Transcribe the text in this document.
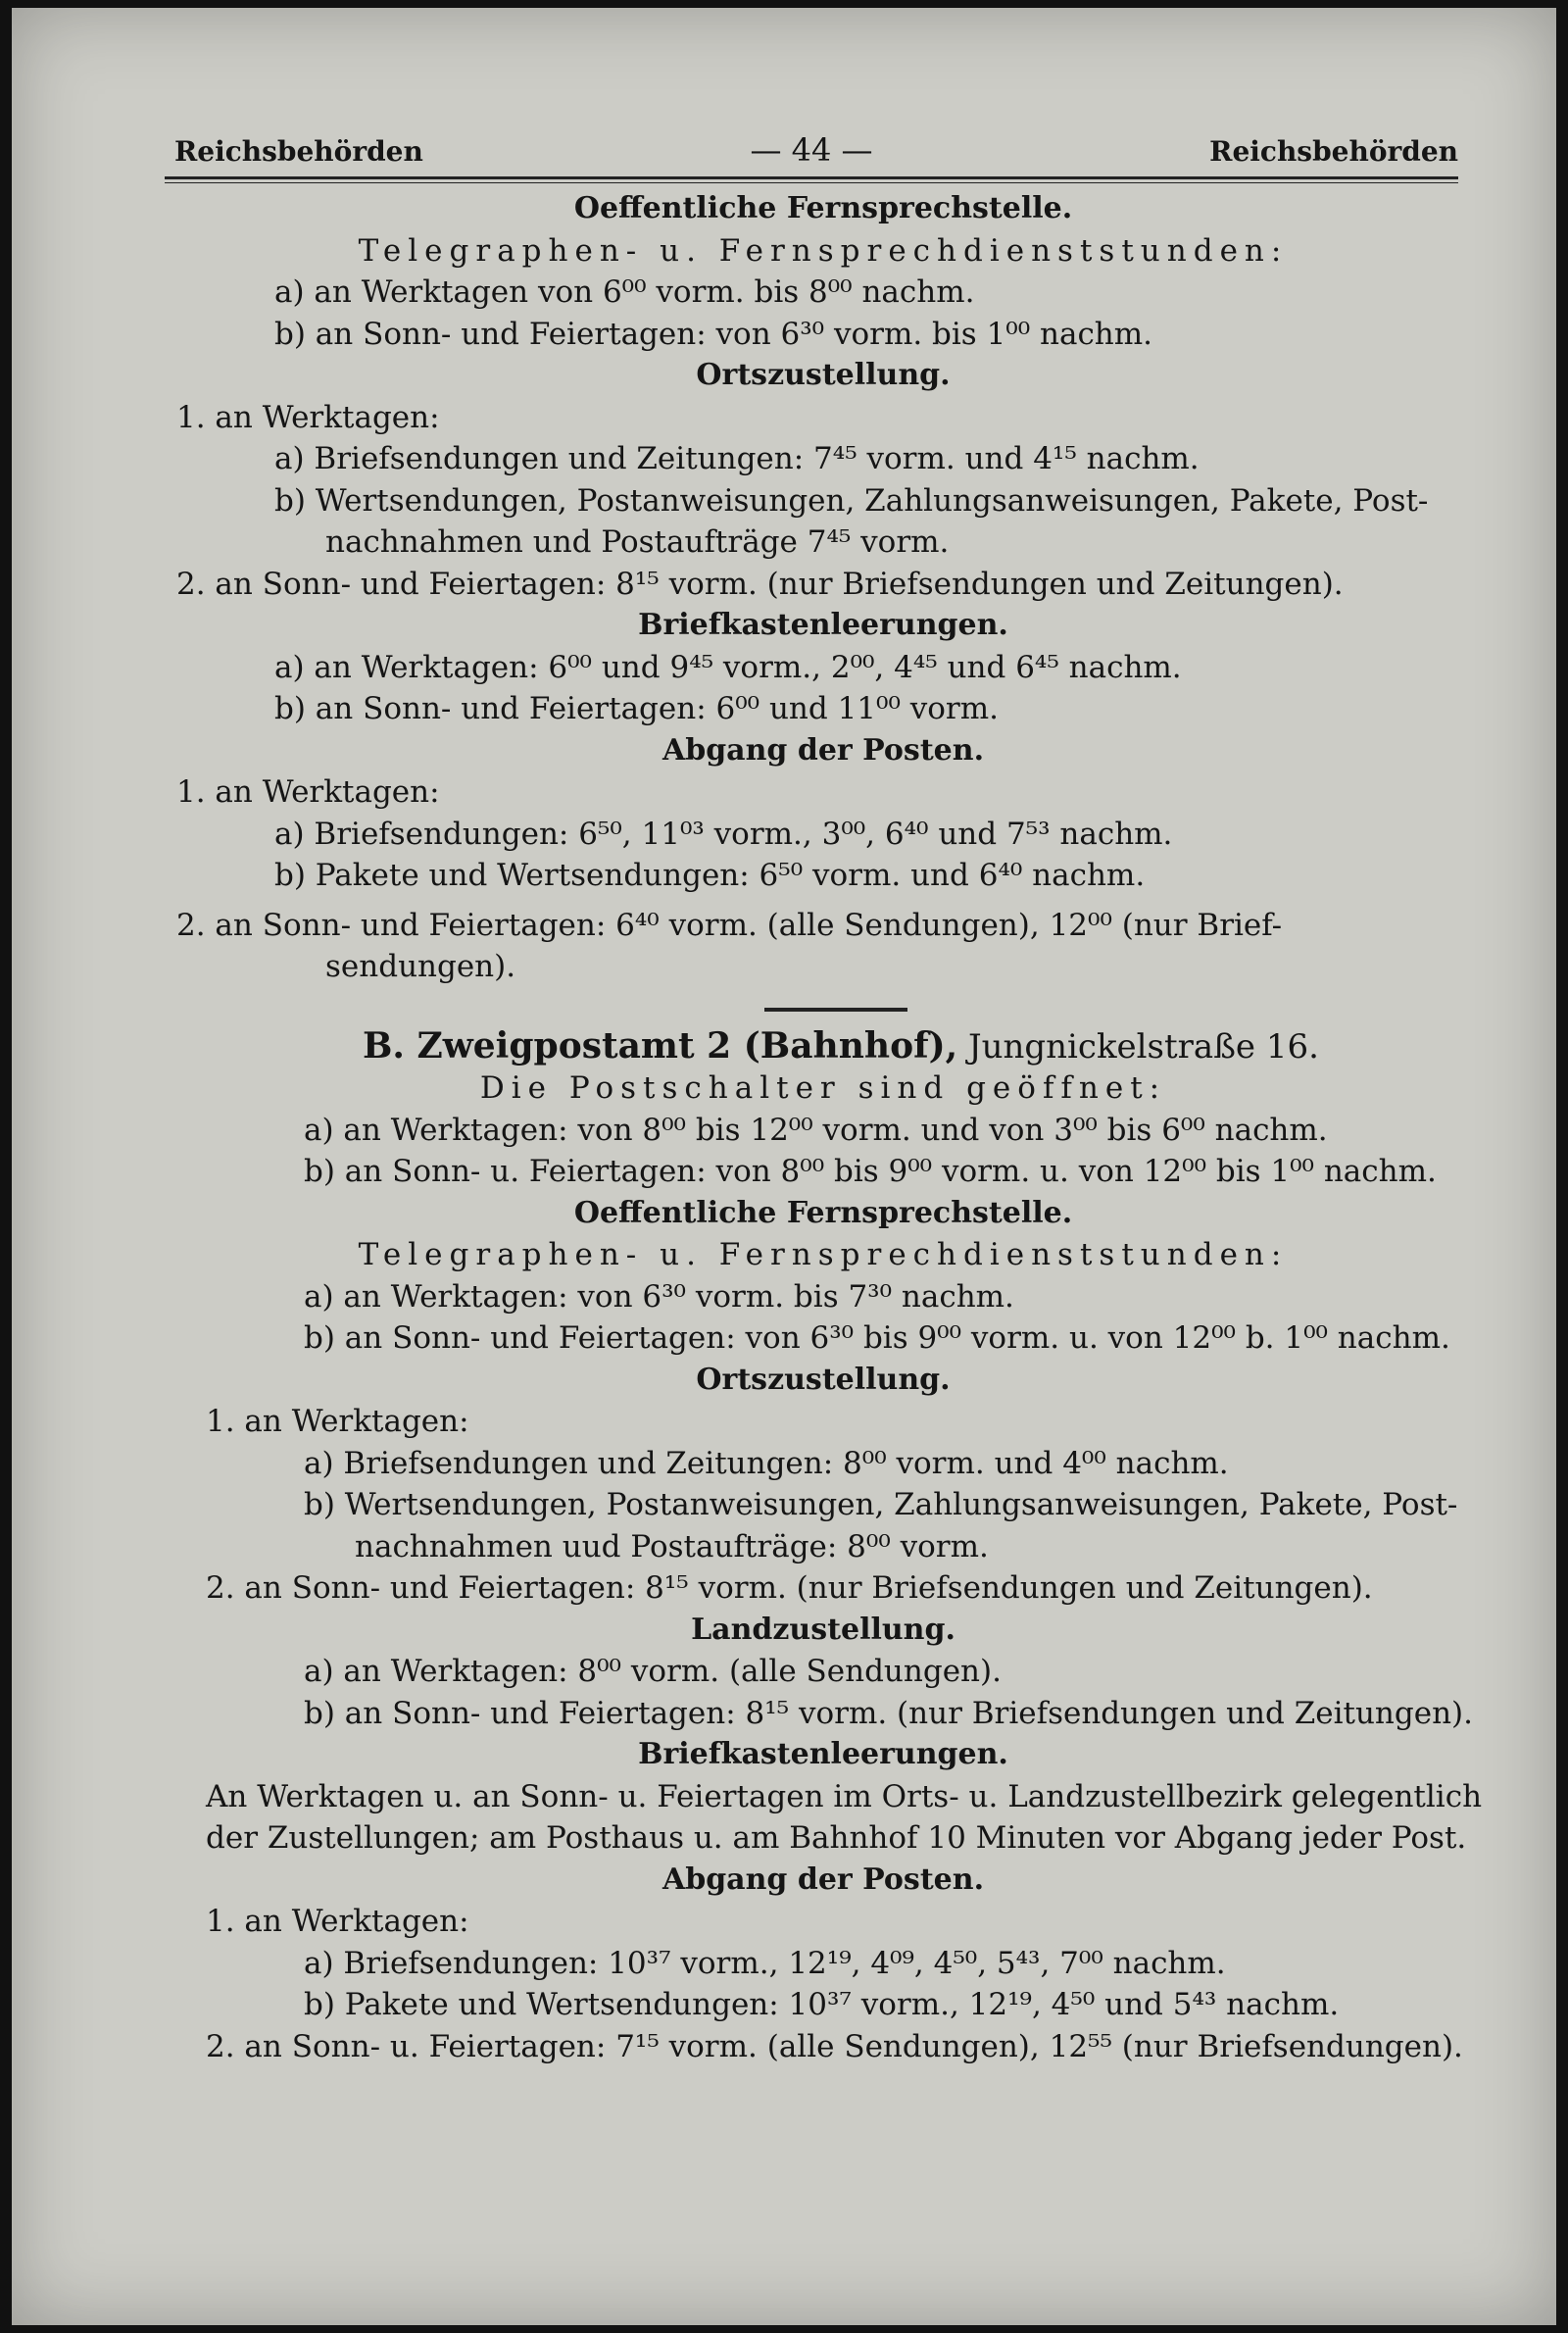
Reichsbehörden	— 44 —	Reichsbehörden
Oeffentliche Fernsprechstelle.
Telegraphen- u. Fernsprechdienststunden:
a) an Werktagen von 6⁰⁰ vorm. bis 8⁰⁰ nachm.
b) an Sonn- und Feiertagen: von 6³⁰ vorm. bis 1⁰⁰ nachm.
Ortszustellung.
1. an Werktagen:
a) Briefsendungen und Zeitungen: 7⁴⁵ vorm. und 4¹⁵ nachm.
b) Wertsendungen, Postanweisungen, Zahlungsanweisungen, Pakete, Post-
nachnahmen und Postaufträge 7⁴⁵ vorm.
2. an Sonn- und Feiertagen: 8¹⁵ vorm. (nur Briefsendungen und Zeitungen).
Briefkastenleerungen.
a) an Werktagen: 6⁰⁰ und 9⁴⁵ vorm., 2⁰⁰, 4⁴⁵ und 6⁴⁵ nachm.
b) an Sonn- und Feiertagen: 6⁰⁰ und 11⁰⁰ vorm.
Abgang der Posten.
1. an Werktagen:
a) Briefsendungen: 6⁵⁰, 11⁰³ vorm., 3⁰⁰, 6⁴⁰ und 7⁵³ nachm.
b) Pakete und Wertsendungen: 6⁵⁰ vorm. und 6⁴⁰ nachm.
2. an Sonn- und Feiertagen: 6⁴⁰ vorm. (alle Sendungen), 12⁰⁰ (nur Brief-
sendungen).
B. Zweigpostamt 2 (Bahnhof), Jungnickelstraße 16.
Die Postschalter sind geöffnet:
a) an Werktagen: von 8⁰⁰ bis 12⁰⁰ vorm. und von 3⁰⁰ bis 6⁰⁰ nachm.
b) an Sonn- u. Feiertagen: von 8⁰⁰ bis 9⁰⁰ vorm. u. von 12⁰⁰ bis 1⁰⁰ nachm.
Oeffentliche Fernsprechstelle.
Telegraphen- u. Fernsprechdienststunden:
a) an Werktagen: von 6³⁰ vorm. bis 7³⁰ nachm.
b) an Sonn- und Feiertagen: von 6³⁰ bis 9⁰⁰ vorm. u. von 12⁰⁰ b. 1⁰⁰ nachm.
Ortszustellung.
1. an Werktagen:
a) Briefsendungen und Zeitungen: 8⁰⁰ vorm. und 4⁰⁰ nachm.
b) Wertsendungen, Postanweisungen, Zahlungsanweisungen, Pakete, Post-
nachnahmen uud Postaufträge: 8⁰⁰ vorm.
2. an Sonn- und Feiertagen: 8¹⁵ vorm. (nur Briefsendungen und Zeitungen).
Landzustellung.
a) an Werktagen: 8⁰⁰ vorm. (alle Sendungen).
b) an Sonn- und Feiertagen: 8¹⁵ vorm. (nur Briefsendungen und Zeitungen).
Briefkastenleerungen.
An Werktagen u. an Sonn- u. Feiertagen im Orts- u. Landzustellbezirk gelegentlich
der Zustellungen; am Posthaus u. am Bahnhof 10 Minuten vor Abgang jeder Post.
Abgang der Posten.
1. an Werktagen:
a) Briefsendungen: 10³⁷ vorm., 12¹⁹, 4⁰⁹, 4⁵⁰, 5⁴³, 7⁰⁰ nachm.
b) Pakete und Wertsendungen: 10³⁷ vorm., 12¹⁹, 4⁵⁰ und 5⁴³ nachm.
2. an Sonn- u. Feiertagen: 7¹⁵ vorm. (alle Sendungen), 12⁵⁵ (nur Briefsendungen).
